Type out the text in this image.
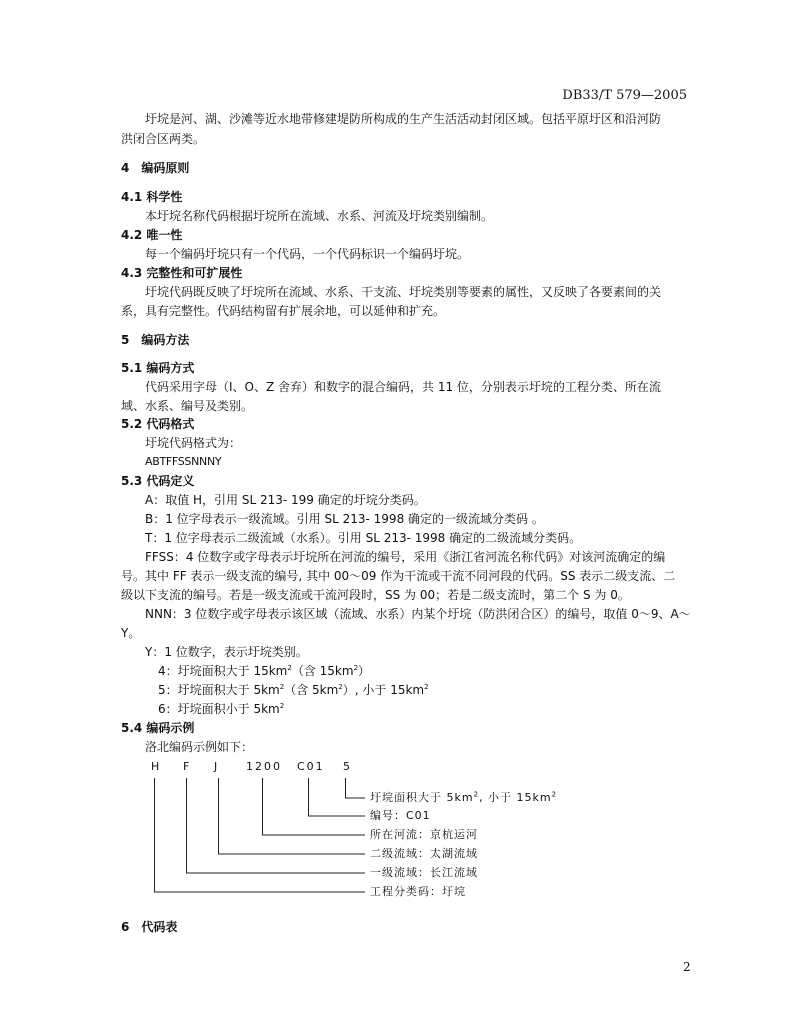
DB33/T 579—2005
圩垸是河、湖、沙滩等近水地带修建堤防所构成的生产生活活动封闭区域。包括平原圩区和沿河防
洪闭合区两类。
4　编码原则
4.1 科学性
本圩垸名称代码根据圩垸所在流域、水系、河流及圩垸类别编制。
4.2 唯一性
每一个编码圩垸只有一个代码，一个代码标识一个编码圩垸。
4.3 完整性和可扩展性
圩垸代码既反映了圩垸所在流域、水系、干支流、圩垸类别等要素的属性，又反映了各要素间的关
系，具有完整性。代码结构留有扩展余地，可以延伸和扩充。
5　编码方法
5.1 编码方式
代码采用字母（I、O、Z 舍弃）和数字的混合编码，共 11 位，分别表示圩垸的工程分类、所在流
域、水系、编号及类别。
5.2 代码格式
圩垸代码格式为：
ABTFFSSNNNY
5.3 代码定义
A：取值 H，引用 SL 213- 199 确定的圩垸分类码。
B：1 位字母表示一级流域。引用 SL 213- 1998 确定的一级流域分类码 。
T：1 位字母表示二级流域（水系）。引用 SL 213- 1998 确定的二级流域分类码。
FFSS：4 位数字或字母表示圩垸所在河流的编号，采用《浙江省河流名称代码》对该河流确定的编
号。其中 FF 表示一级支流的编号, 其中 00～09 作为干流或干流不同河段的代码。SS 表示二级支流、二
级以下支流的编号。若是一级支流或干流河段时，SS 为 00；若是二级支流时，第二个 S 为 0。
NNN：3 位数字或字母表示该区域（流域、水系）内某个圩垸（防洪闭合区）的编号，取值 0～9、A～
Y。
Y：1 位数字，表示圩垸类别。
4：圩垸面积大于 $15km^2$（含 $15km^2$）
5：圩垸面积大于 $5km^2$（含 $5km^2$）, 小于 $15km^2$
6：圩垸面积小于 $5km^2$
5.4 编码示例
洛北编码示例如下：
H F J 1200 C01 5
圩垸面积大于 $5km^2$, 小于 $15km^2$
编号：C01
所在河流：京杭运河
二级流域：太湖流域
一级流域：长江流域
工程分类码：圩垸
6　代码表
2
